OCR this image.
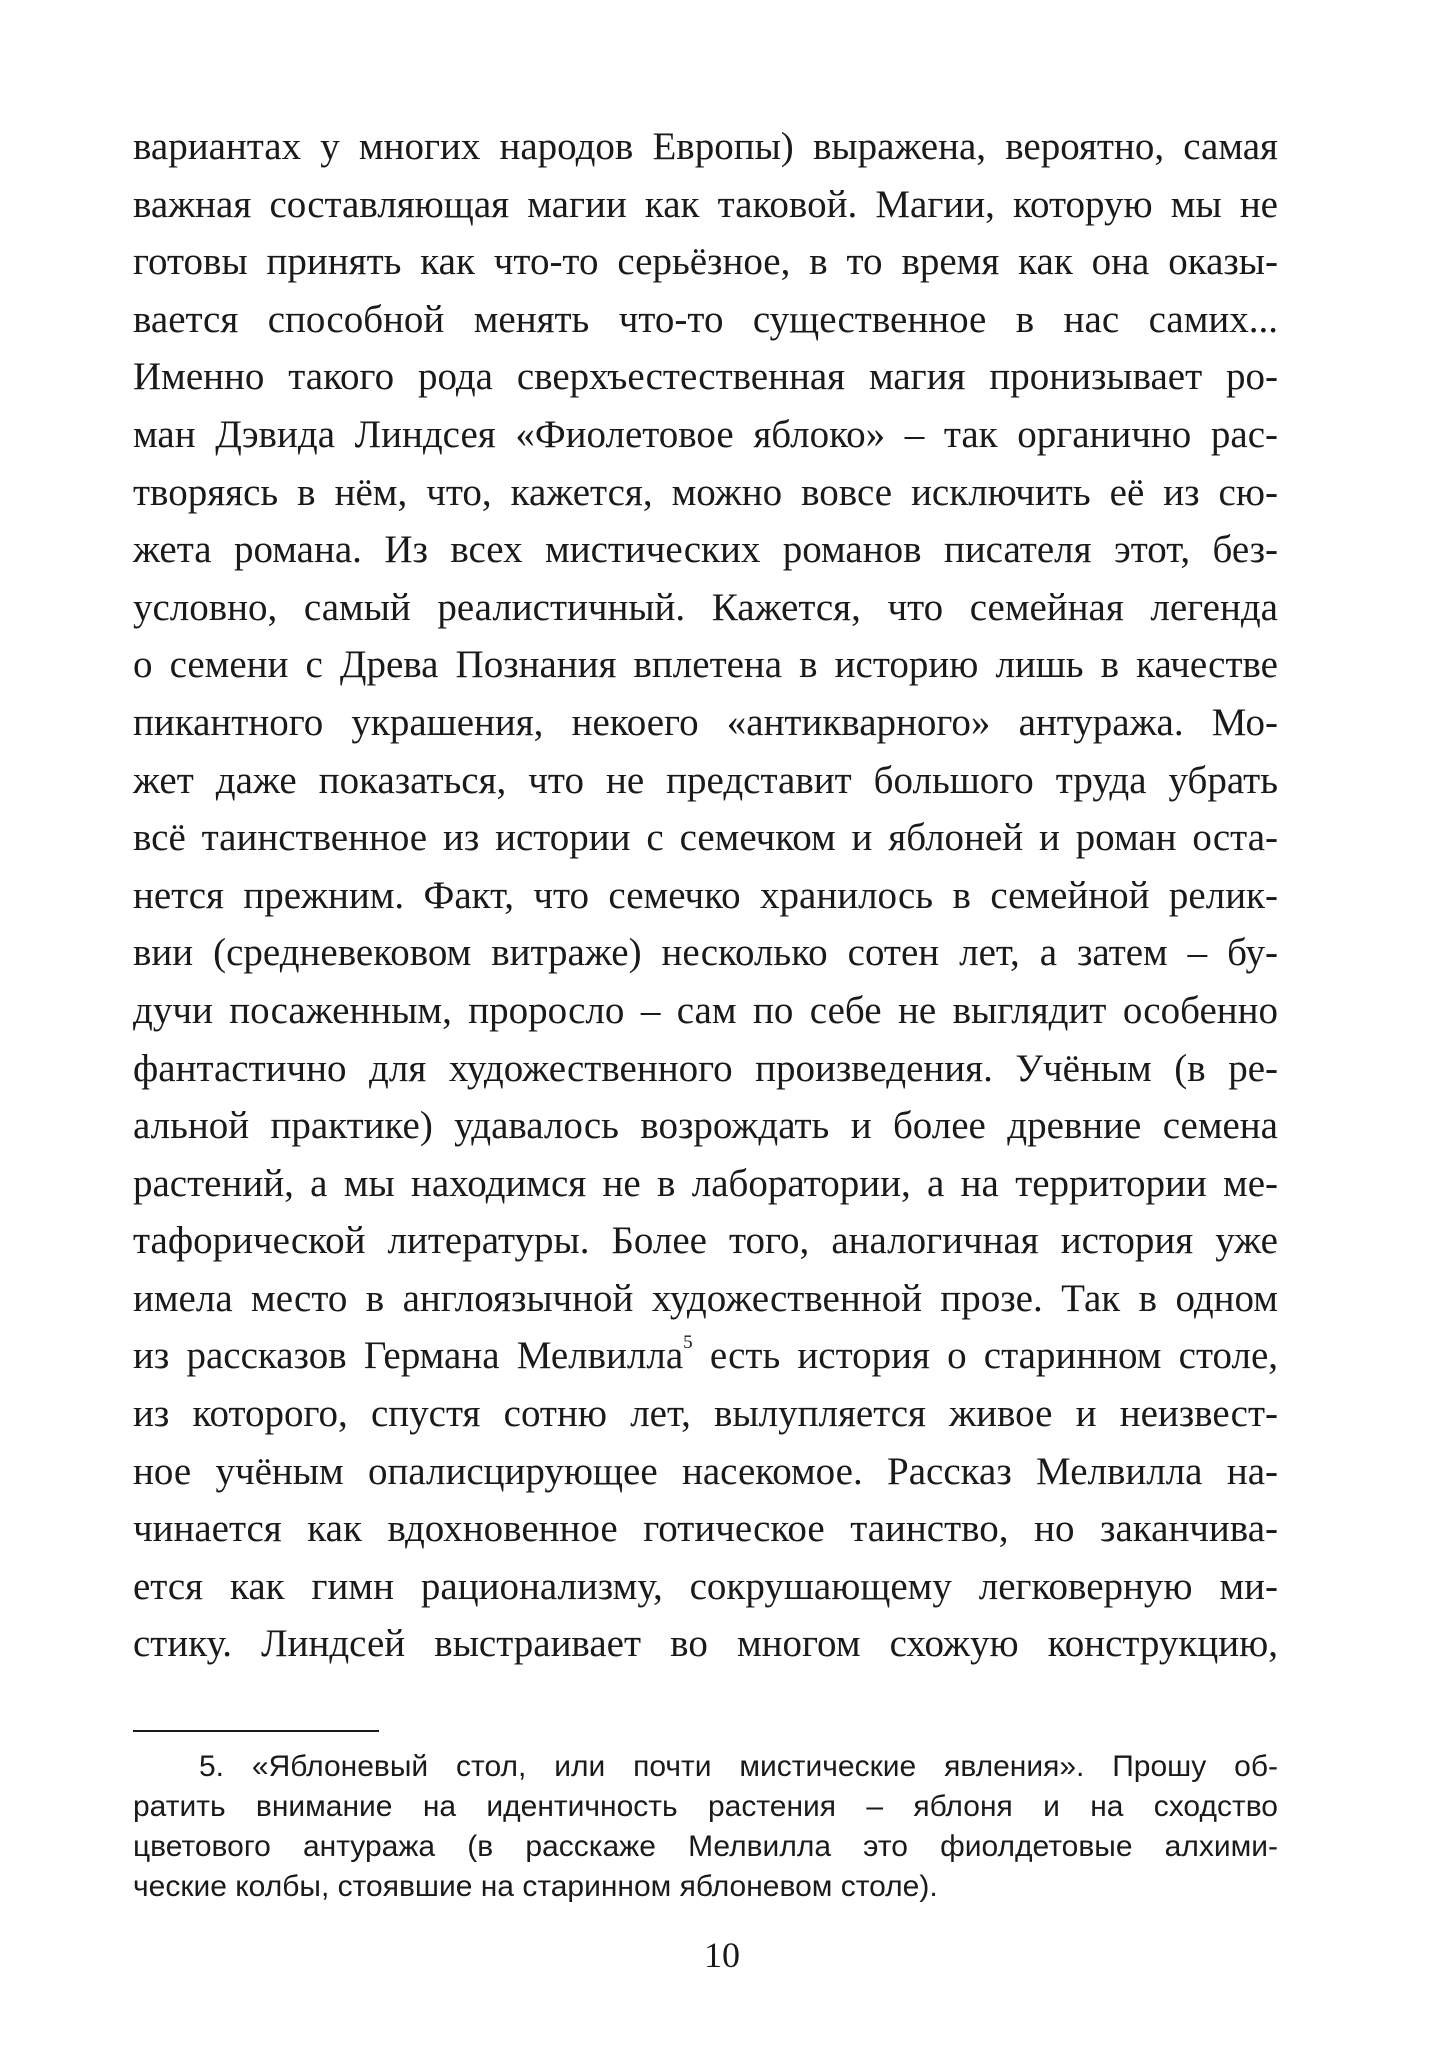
вариантах у многих народов Европы) выражена, вероятно, самая
важная составляющая магии как таковой. Магии, которую мы не
готовы принять как что-то серьёзное, в то время как она оказы-
вается способной менять что-то существенное в нас самих...
Именно такого рода сверхъестественная магия пронизывает ро-
ман Дэвида Линдсея «Фиолетовое яблоко» – так органично рас-
творяясь в нём, что, кажется, можно вовсе исключить её из сю-
жета романа. Из всех мистических романов писателя этот, без-
условно, самый реалистичный. Кажется, что семейная легенда
о семени с Древа Познания вплетена в историю лишь в качестве
пикантного украшения, некоего «антикварного» антуража. Мо-
жет даже показаться, что не представит большого труда убрать
всё таинственное из истории с семечком и яблоней и роман оста-
нется прежним. Факт, что семечко хранилось в семейной релик-
вии (средневековом витраже) несколько сотен лет, а затем – бу-
дучи посаженным, проросло – сам по себе не выглядит особенно
фантастично для художественного произведения. Учёным (в ре-
альной практике) удавалось возрождать и более древние семена
растений, а мы находимся не в лаборатории, а на территории ме-
тафорической литературы. Более того, аналогичная история уже
имела место в англоязычной художественной прозе. Так в одном
из рассказов Германа Мелвилла$^5$ есть история о старинном столе,
из которого, спустя сотню лет, вылупляется живое и неизвест-
ное учёным опалисцирующее насекомое. Рассказ Мелвилла на-
чинается как вдохновенное готическое таинство, но заканчива-
ется как гимн рационализму, сокрушающему легковерную ми-
стику. Линдсей выстраивает во многом схожую конструкцию,
5. «Яблоневый стол, или почти мистические явления». Прошу об-
ратить внимание на идентичность растения – яблоня и на сходство
цветового антуража (в расскаже Мелвилла это фиолдетовые алхими-
ческие колбы, стоявшие на старинном яблоневом столе).
10
